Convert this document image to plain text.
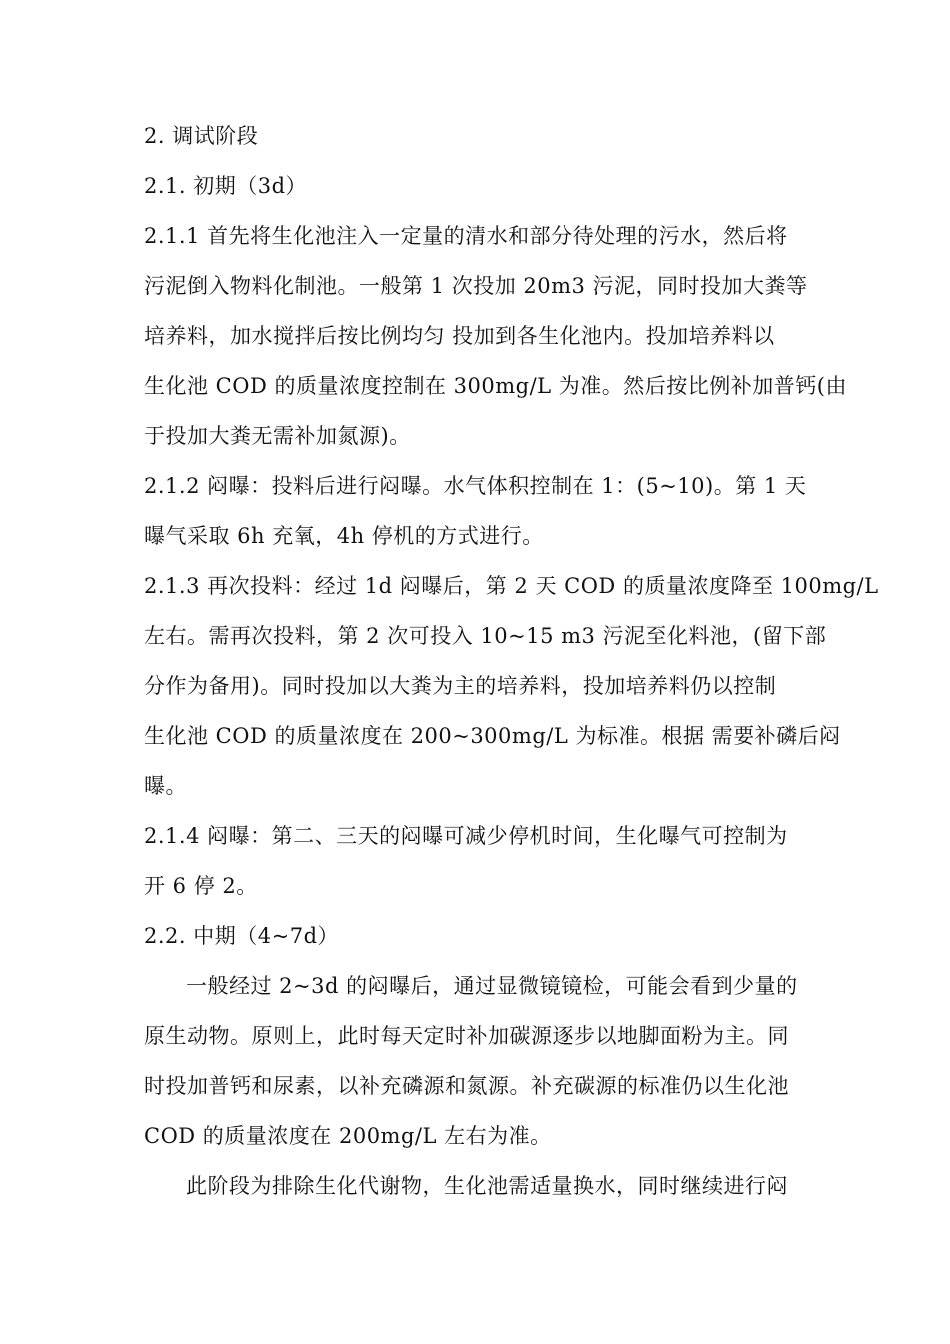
2. 调试阶段
2.1. 初期（3d）
2.1.1 首先将生化池注入一定量的清水和部分待处理的污水，然后将
污泥倒入物料化制池。一般第 1 次投加 20m3 污泥，同时投加大粪等
培养料，加水搅拌后按比例均匀 投加到各生化池内。投加培养料以
生化池 COD 的质量浓度控制在 300mg/L 为准。然后按比例补加普钙(由
于投加大粪无需补加氮源)。
2.1.2 闷曝：投料后进行闷曝。水气体积控制在 1：(5~10)。第 1 天
曝气采取 6h 充氧，4h 停机的方式进行。
2.1.3 再次投料：经过 1d 闷曝后，第 2 天 COD 的质量浓度降至 100mg/L
左右。需再次投料，第 2 次可投入 10~15 m3 污泥至化料池，(留下部
分作为备用)。同时投加以大粪为主的培养料，投加培养料仍以控制
生化池 COD 的质量浓度在 200~300mg/L 为标准。根据 需要补磷后闷
曝。
2.1.4 闷曝：第二、三天的闷曝可减少停机时间，生化曝气可控制为
开 6 停 2。
2.2. 中期（4~7d）
一般经过 2~3d 的闷曝后，通过显微镜镜检，可能会看到少量的
原生动物。原则上，此时每天定时补加碳源逐步以地脚面粉为主。同
时投加普钙和尿素，以补充磷源和氮源。补充碳源的标准仍以生化池
COD 的质量浓度在 200mg/L 左右为准。
此阶段为排除生化代谢物，生化池需适量换水，同时继续进行闷
